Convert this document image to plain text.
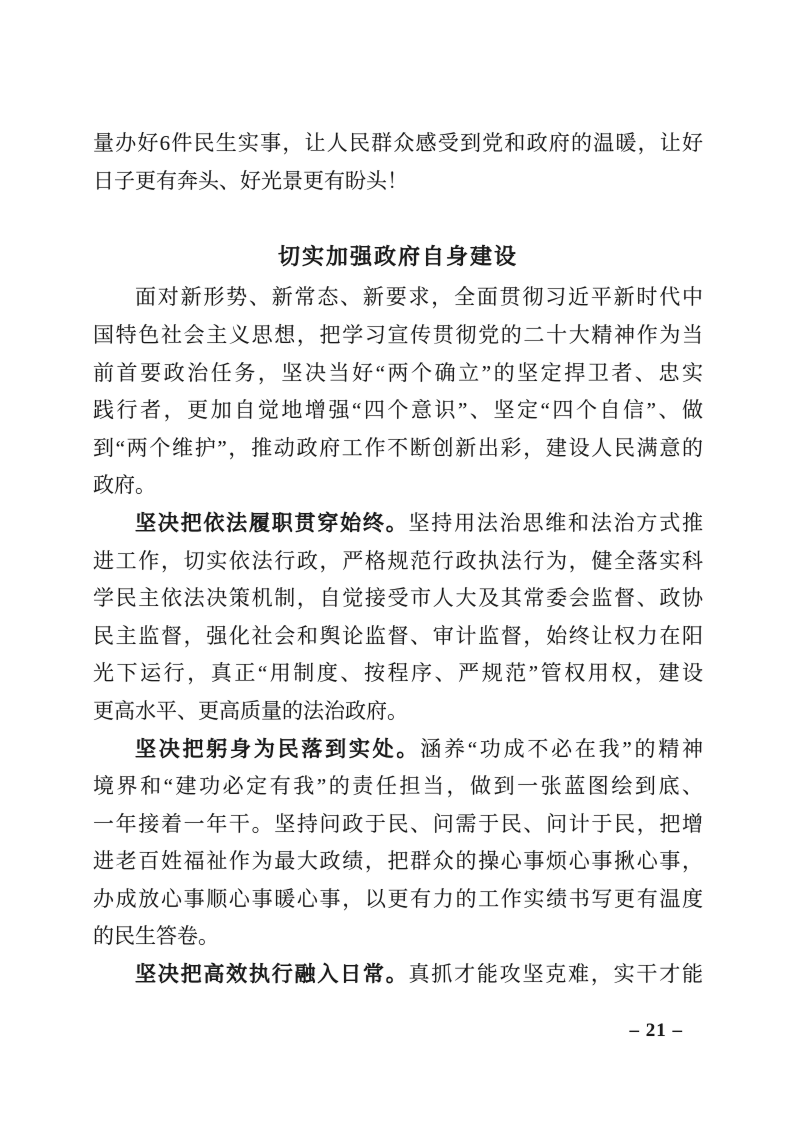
量办好6件民生实事，让人民群众感受到党和政府的温暖，让好
日子更有奔头、好光景更有盼头！
切实加强政府自身建设
面对新形势、新常态、新要求，全面贯彻习近平新时代中
国特色社会主义思想，把学习宣传贯彻党的二十大精神作为当
前首要政治任务，坚决当好“两个确立”的坚定捍卫者、忠实
践行者，更加自觉地增强“四个意识”、坚定“四个自信”、做
到“两个维护”，推动政府工作不断创新出彩，建设人民满意的
政府。
坚决把依法履职贯穿始终。坚持用法治思维和法治方式推
进工作，切实依法行政，严格规范行政执法行为，健全落实科
学民主依法决策机制，自觉接受市人大及其常委会监督、政协
民主监督，强化社会和舆论监督、审计监督，始终让权力在阳
光下运行，真正“用制度、按程序、严规范”管权用权，建设
更高水平、更高质量的法治政府。
坚决把躬身为民落到实处。涵养“功成不必在我”的精神
境界和“建功必定有我”的责任担当，做到一张蓝图绘到底、
一年接着一年干。坚持问政于民、问需于民、问计于民，把增
进老百姓福祉作为最大政绩，把群众的操心事烦心事揪心事，
办成放心事顺心事暖心事，以更有力的工作实绩书写更有温度
的民生答卷。
坚决把高效执行融入日常。真抓才能攻坚克难，实干才能
– 21 –
